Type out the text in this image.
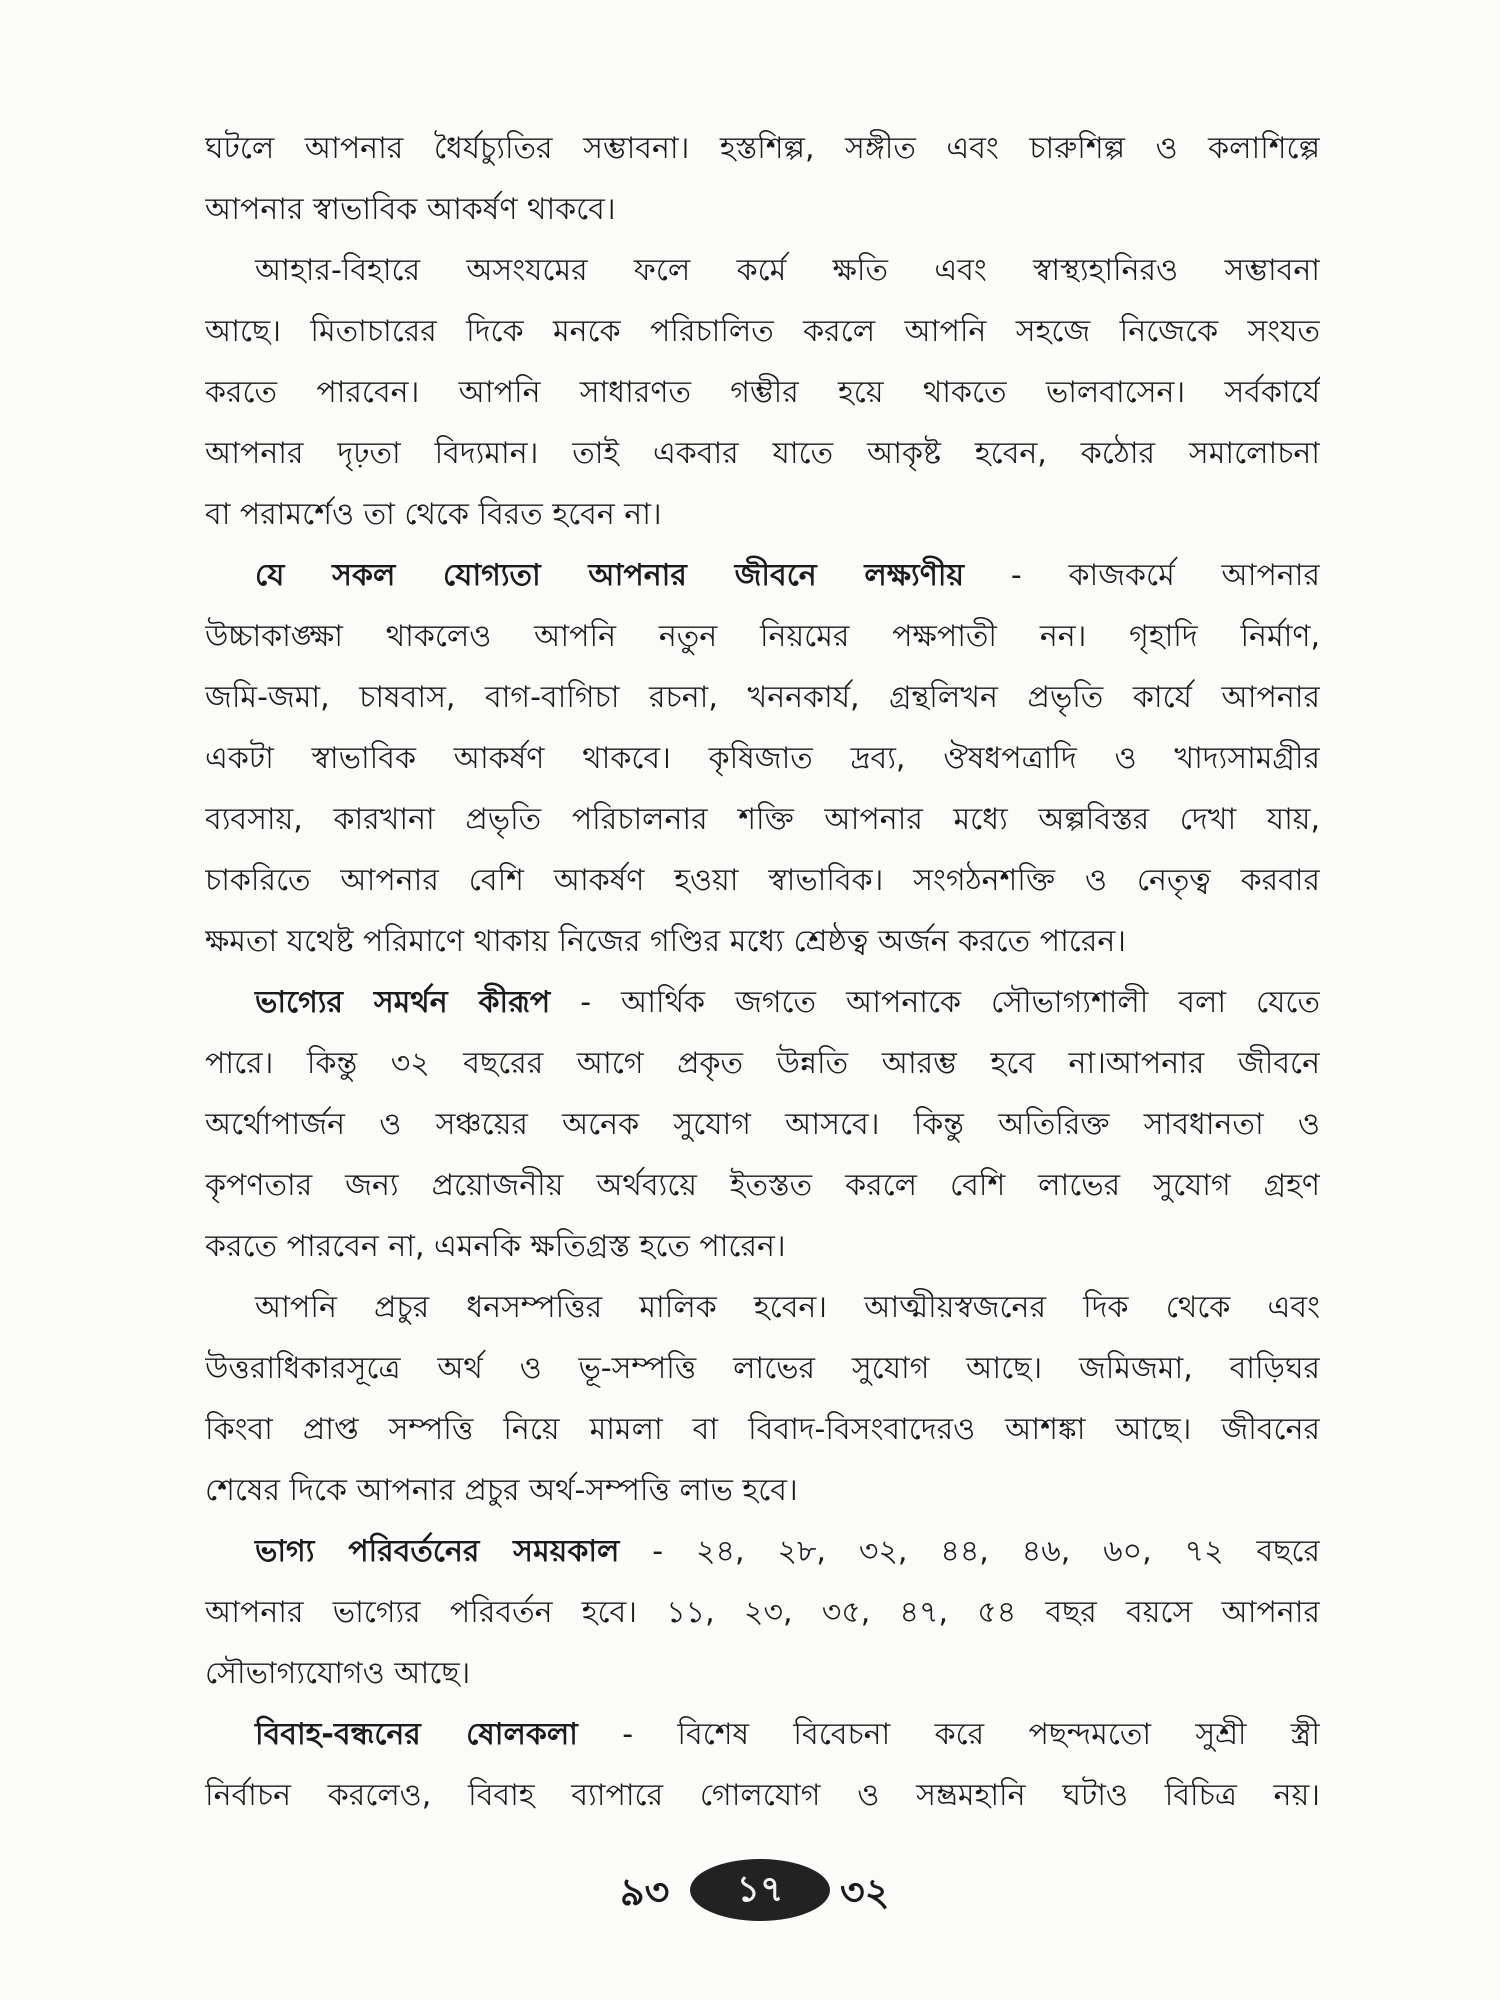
ঘটলে আপনার ধৈর্যচ্যুতির সম্ভাবনা। হস্তশিল্প, সঙ্গীত এবং চারুশিল্প ও কলাশিল্পে
আপনার স্বাভাবিক আকর্ষণ থাকবে।
আহার-বিহারে অসংযমের ফলে কর্মে ক্ষতি এবং স্বাস্থ্যহানিরও সম্ভাবনা
আছে। মিতাচারের দিকে মনকে পরিচালিত করলে আপনি সহজে নিজেকে সংযত
করতে পারবেন। আপনি সাধারণত গম্ভীর হয়ে থাকতে ভালবাসেন। সর্বকার্যে
আপনার দৃঢ়তা বিদ্যমান। তাই একবার যাতে আকৃষ্ট হবেন, কঠোর সমালোচনা
বা পরামর্শেও তা থেকে বিরত হবেন না।
যে সকল যোগ্যতা আপনার জীবনে লক্ষ্যণীয় - কাজকর্মে আপনার
উচ্চাকাঙ্ক্ষা থাকলেও আপনি নতুন নিয়মের পক্ষপাতী নন। গৃহাদি নির্মাণ,
জমি-জমা, চাষবাস, বাগ-বাগিচা রচনা, খননকার্য, গ্রন্থলিখন প্রভৃতি কার্যে আপনার
একটা স্বাভাবিক আকর্ষণ থাকবে। কৃষিজাত দ্রব্য, ঔষধপত্রাদি ও খাদ্যসামগ্রীর
ব্যবসায়, কারখানা প্রভৃতি পরিচালনার শক্তি আপনার মধ্যে অল্পবিস্তর দেখা যায়,
চাকরিতে আপনার বেশি আকর্ষণ হওয়া স্বাভাবিক। সংগঠনশক্তি ও নেতৃত্ব করবার
ক্ষমতা যথেষ্ট পরিমাণে থাকায় নিজের গণ্ডির মধ্যে শ্রেষ্ঠত্ব অর্জন করতে পারেন।
ভাগ্যের সমর্থন কীরূপ - আর্থিক জগতে আপনাকে সৌভাগ্যশালী বলা যেতে
পারে। কিন্তু ৩২ বছরের আগে প্রকৃত উন্নতি আরম্ভ হবে না।আপনার জীবনে
অর্থোপার্জন ও সঞ্চয়ের অনেক সুযোগ আসবে। কিন্তু অতিরিক্ত সাবধানতা ও
কৃপণতার জন্য প্রয়োজনীয় অর্থব্যয়ে ইতস্তত করলে বেশি লাভের সুযোগ গ্রহণ
করতে পারবেন না, এমনকি ক্ষতিগ্রস্ত হতে পারেন।
আপনি প্রচুর ধনসম্পত্তির মালিক হবেন। আত্মীয়স্বজনের দিক থেকে এবং
উত্তরাধিকারসূত্রে অর্থ ও ভূ-সম্পত্তি লাভের সুযোগ আছে। জমিজমা, বাড়িঘর
কিংবা প্রাপ্ত সম্পত্তি নিয়ে মামলা বা বিবাদ-বিসংবাদেরও আশঙ্কা আছে। জীবনের
শেষের দিকে আপনার প্রচুর অর্থ-সম্পত্তি লাভ হবে।
ভাগ্য পরিবর্তনের সময়কাল - ২৪, ২৮, ৩২, ৪৪, ৪৬, ৬০, ৭২ বছরে
আপনার ভাগ্যের পরিবর্তন হবে। ১১, ২৩, ৩৫, ৪৭, ৫৪ বছর বয়সে আপনার
সৌভাগ্যযোগও আছে।
বিবাহ-বন্ধনের ষোলকলা - বিশেষ বিবেচনা করে পছন্দমতো সুশ্রী স্ত্রী
নির্বাচন করলেও, বিবাহ ব্যাপারে গোলযোগ ও সম্ভ্রমহানি ঘটাও বিচিত্র নয়।
৯৩	১৭	৩২
